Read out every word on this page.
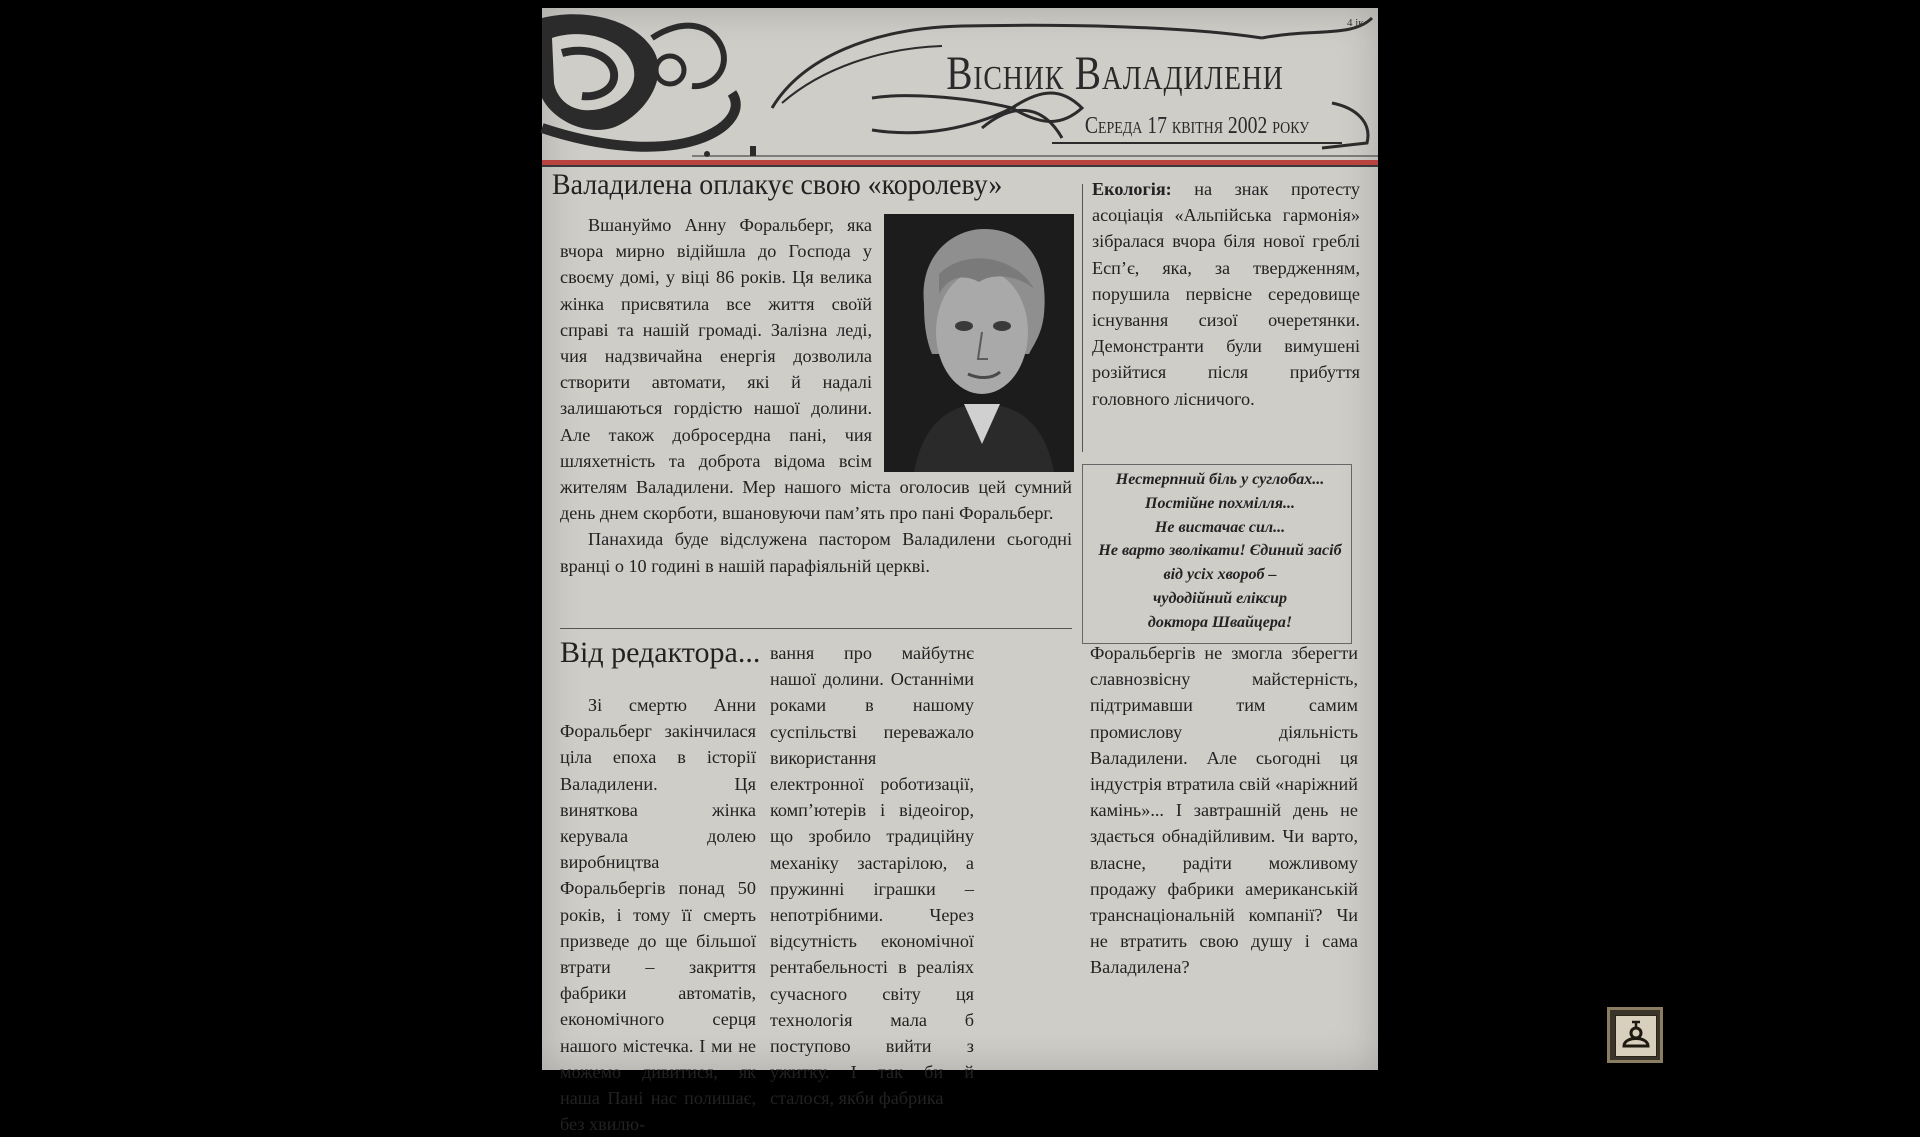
Вісник Валадилени
Середа 17 квітня 2002 року
4 ік
Валадилена оплакує свою «королеву»

Вшануймо Анну Форальберг, яка вчора мирно відійшла до Господа у своєму домі, у віці 86 років. Ця велика жінка присвятила все життя своїй справі та нашій громаді. Залізна леді, чия надзвичайна енергія дозволила створити автомати, які й надалі залишаються гордістю нашої долини. Але також добросердна пані, чия шляхетність та доброта відома всім жителям Валадилени. Мер нашого міста оголосив цей сумний день днем скорботи, вшановуючи пам’ять про пані Форальберг.

Панахида буде відслужена пастором Валадилени сьогодні вранці о 10 годині в нашій парафіяльній церкві.

Екологія: на знак протесту асоціація «Альпійська гармонія» зібралася вчора біля нової греблі Есп’є, яка, за твердженням, порушила первісне середовище існування сизої очеретянки. Демонстранти були вимушені розійтися після прибуття головного лісничого.

Нестерпний біль у суглобах...
Постійне похмілля...
Не вистачає сил...
Не варто зволікати! Єдиний засіб від усіх хвороб –
чудодійний еліксир
доктора Швайцера!
Від редактора...
Зі смертю Анни Форальберг закінчилася ціла епоха в історії Валадилени. Ця виняткова жінка керувала долею виробництва Форальбергів понад 50 років, і тому її смерть призведе до ще більшої втрати – закриття фабрики автоматів, економічного серця нашого містечка. І ми не можемо дивитися, як наша Пані нас полишає, без хвилю-
вання про майбутнє нашої долини. Останніми роками в нашому суспільстві переважало використання електронної роботизації, комп’ютерів і відеоігор, що зробило традиційну механіку застарілою, а пружинні іграшки – непотрібними. Через відсутність економічної рентабельності в реаліях сучасного світу ця технологія мала б поступово вийти з ужитку. І так би й сталося, якби фабрика
Форальбергів не змогла зберегти славнозвісну майстерність, підтримавши тим самим промислову діяльність Валадилени. Але сьогодні ця індустрія втратила свій «наріжний камінь»... І завтрашній день не здається обнадійливим. Чи варто, власне, радіти можливому продажу фабрики американській транснаціональній компанії? Чи не втратить свою душу і сама Валадилена?
